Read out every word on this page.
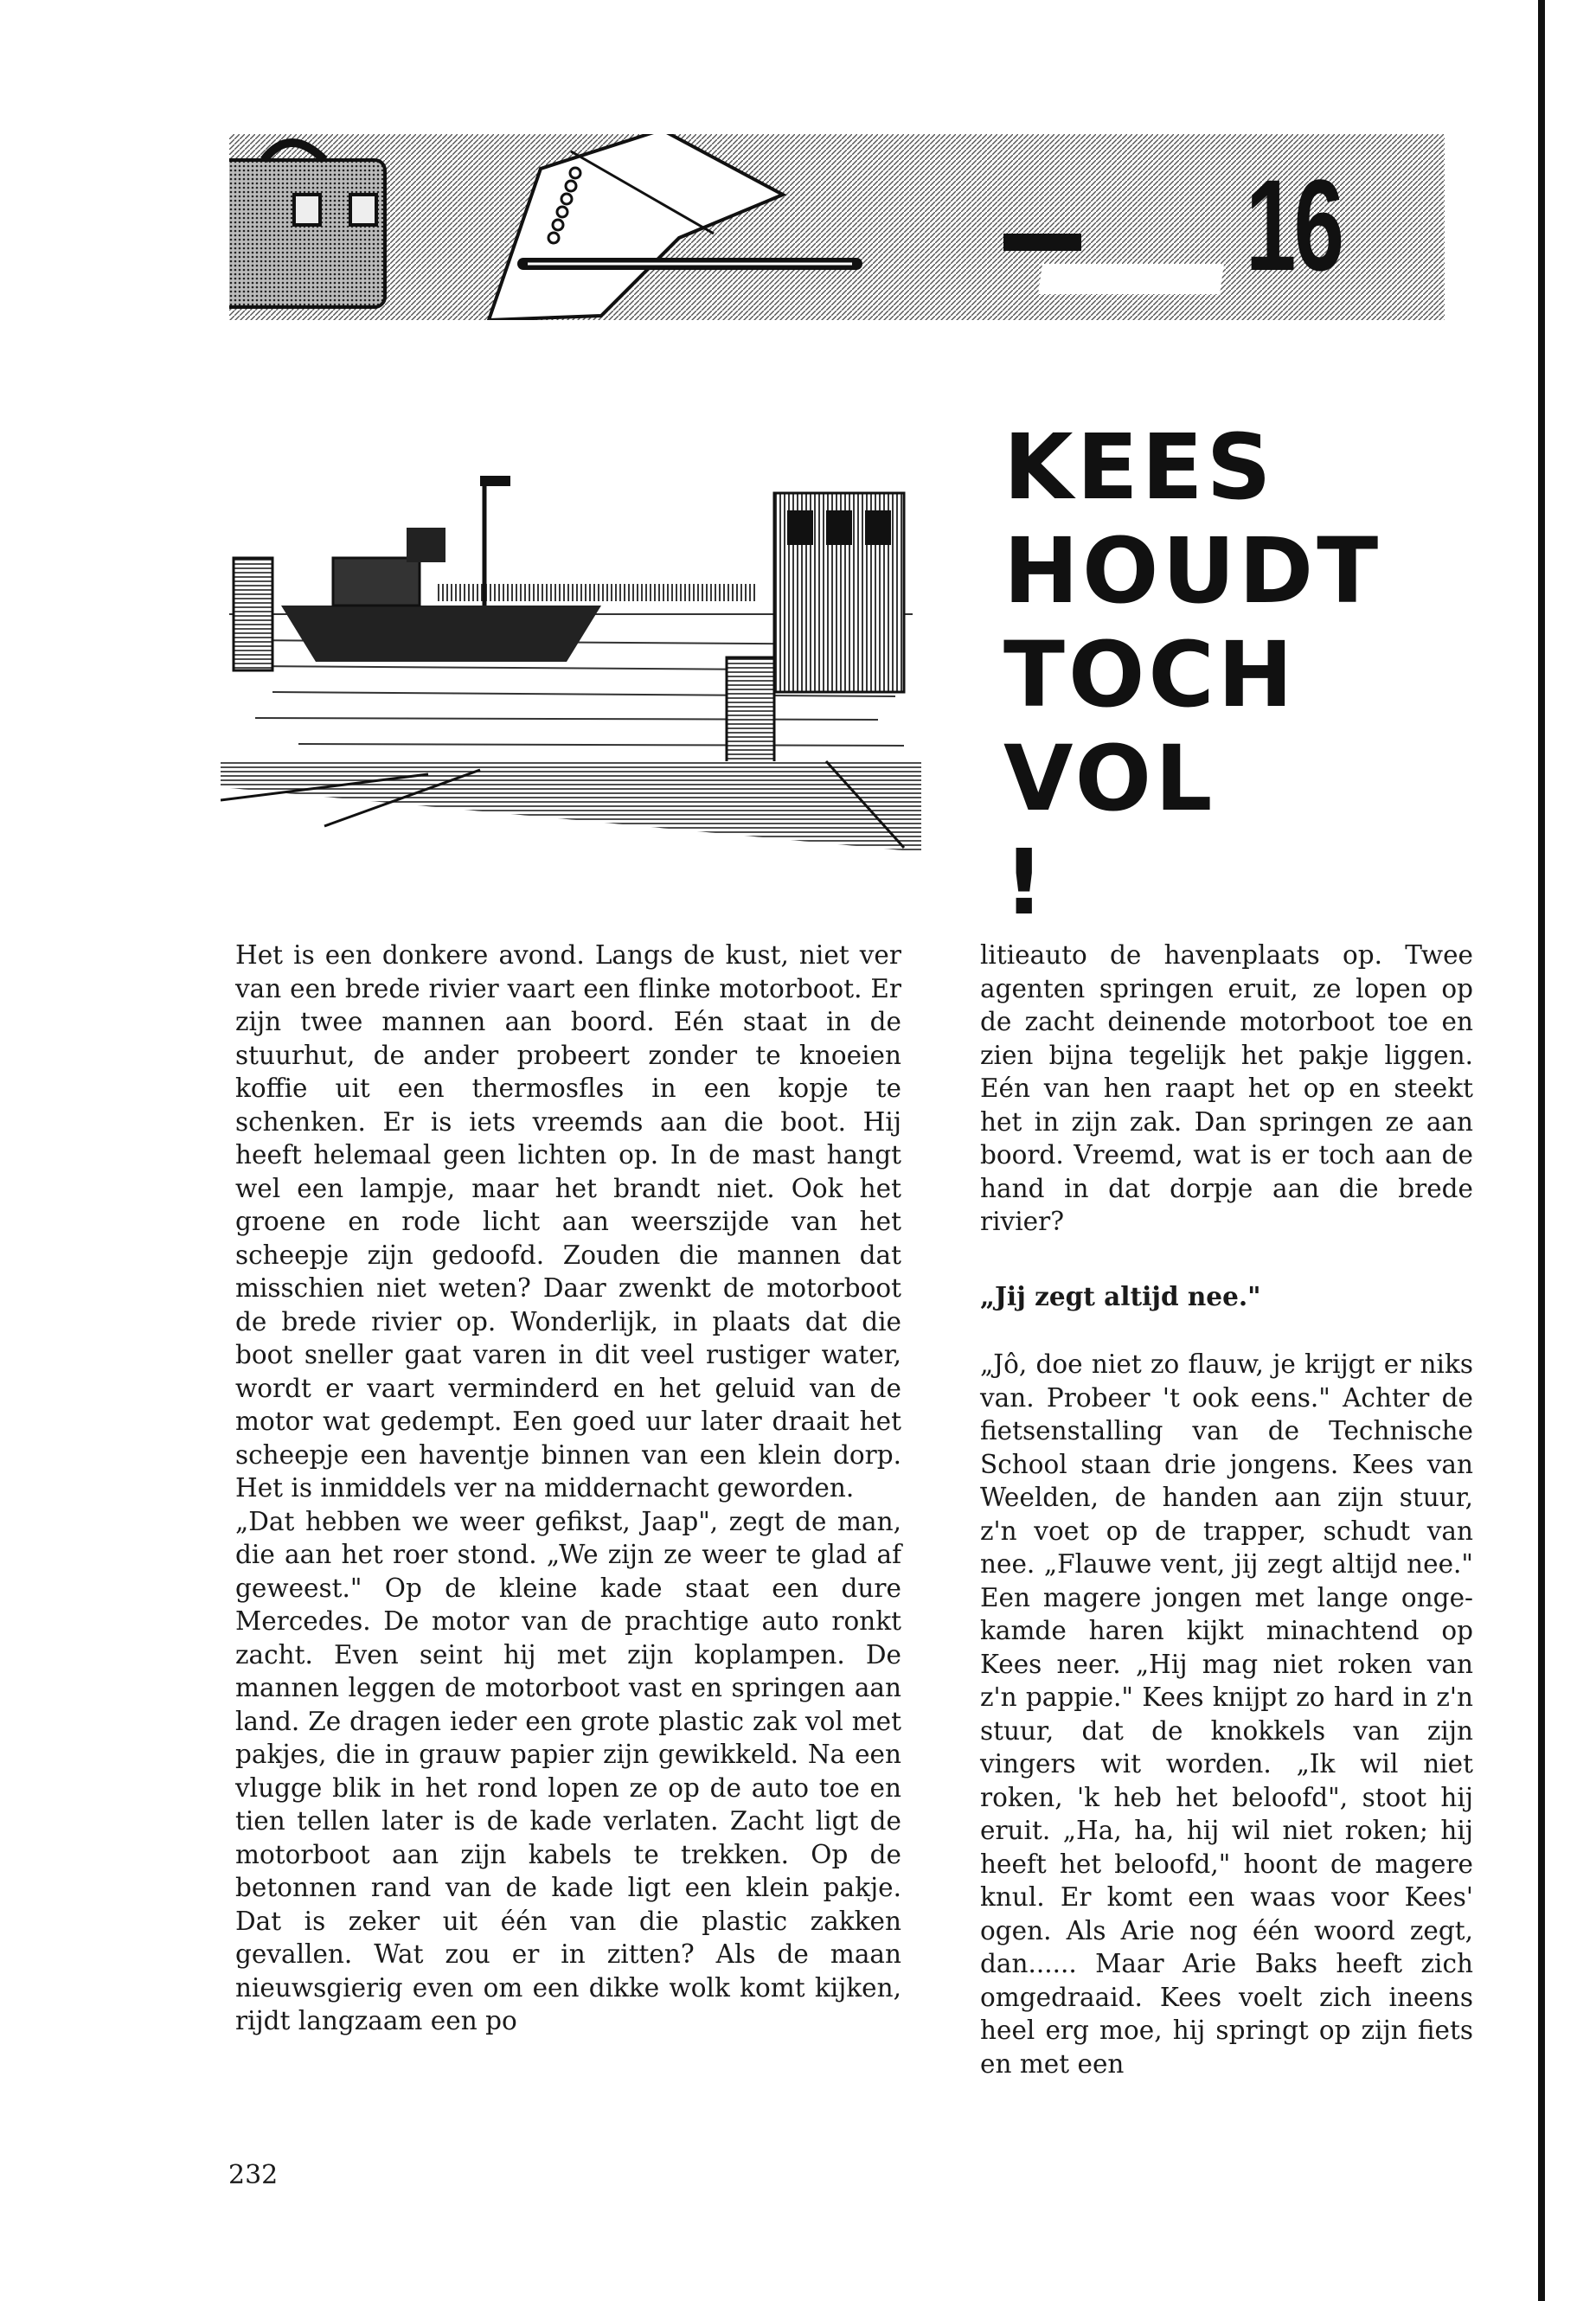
16
KEES
HOUDT
TOCH
VOL
!

Het is een donkere avond. Langs de kust, niet ver van een brede rivier vaart een flinke motorboot. Er zijn twee mannen aan boord. Eén staat in de stuurhut, de ander probeert zonder te knoeien koffie uit een thermosfles in een kopje te schenken. Er is iets vreemds aan die boot. Hij heeft helemaal geen lichten op. In de mast hangt wel een lampje, maar het brandt niet. Ook het groene en rode licht aan weerszijde van het scheepje zijn gedoofd. Zouden die mannen dat misschien niet weten? Daar zwenkt de motorboot de brede rivier op. Wonderlijk, in plaats dat die boot sneller gaat varen in dit veel rustiger water, wordt er vaart verminderd en het geluid van de motor wat gedempt. Een goed uur later draait het scheepje een haventje binnen van een klein dorp. Het is inmiddels ver na middernacht geworden.

„Dat hebben we weer gefikst, Jaap", zegt de man, die aan het roer stond. „We zijn ze weer te glad af geweest." Op de kleine kade staat een dure Mercedes. De motor van de prachtige auto ronkt zacht. Even seint hij met zijn koplampen. De mannen leggen de motorboot vast en springen aan land. Ze dragen ieder een grote plastic zak vol met pakjes, die in grauw papier zijn gewikkeld. Na een vlugge blik in het rond lopen ze op de auto toe en tien tellen later is de kade verlaten. Zacht ligt de motorboot aan zijn kabels te trekken. Op de betonnen rand van de kade ligt een klein pakje. Dat is zeker uit één van die plastic zakken gevallen. Wat zou er in zitten? Als de maan nieuwsgierig even om een dikke wolk komt kijken, rijdt langzaam een po

litieauto de havenplaats op. Twee agenten springen eruit, ze lopen op de zacht deinende motorboot toe en zien bijna tegelijk het pakje liggen. Eén van hen raapt het op en steekt het in zijn zak. Dan springen ze aan boord. Vreemd, wat is er toch aan de hand in dat dorpje aan die brede rivier?

„Jij zegt altijd nee."

„Jô, doe niet zo flauw, je krijgt er niks van. Probeer 't ook eens." Achter de fietsenstalling van de Technische School staan drie jongens. Kees van Weelden, de handen aan zijn stuur, z'n voet op de trapper, schudt van nee. „Flauwe vent, jij zegt altijd nee." Een magere jongen met lange ongekamde haren kijkt minachtend op Kees neer. „Hij mag niet roken van z'n pappie." Kees knijpt zo hard in z'n stuur, dat de knokkels van zijn vingers wit worden. „Ik wil niet roken, 'k heb het beloofd", stoot hij eruit. „Ha, ha, hij wil niet roken; hij heeft het beloofd," hoont de magere knul. Er komt een waas voor Kees' ogen. Als Arie nog één woord zegt, dan...... Maar Arie Baks heeft zich omgedraaid. Kees voelt zich ineens heel erg moe, hij springt op zijn fiets en met een

232
